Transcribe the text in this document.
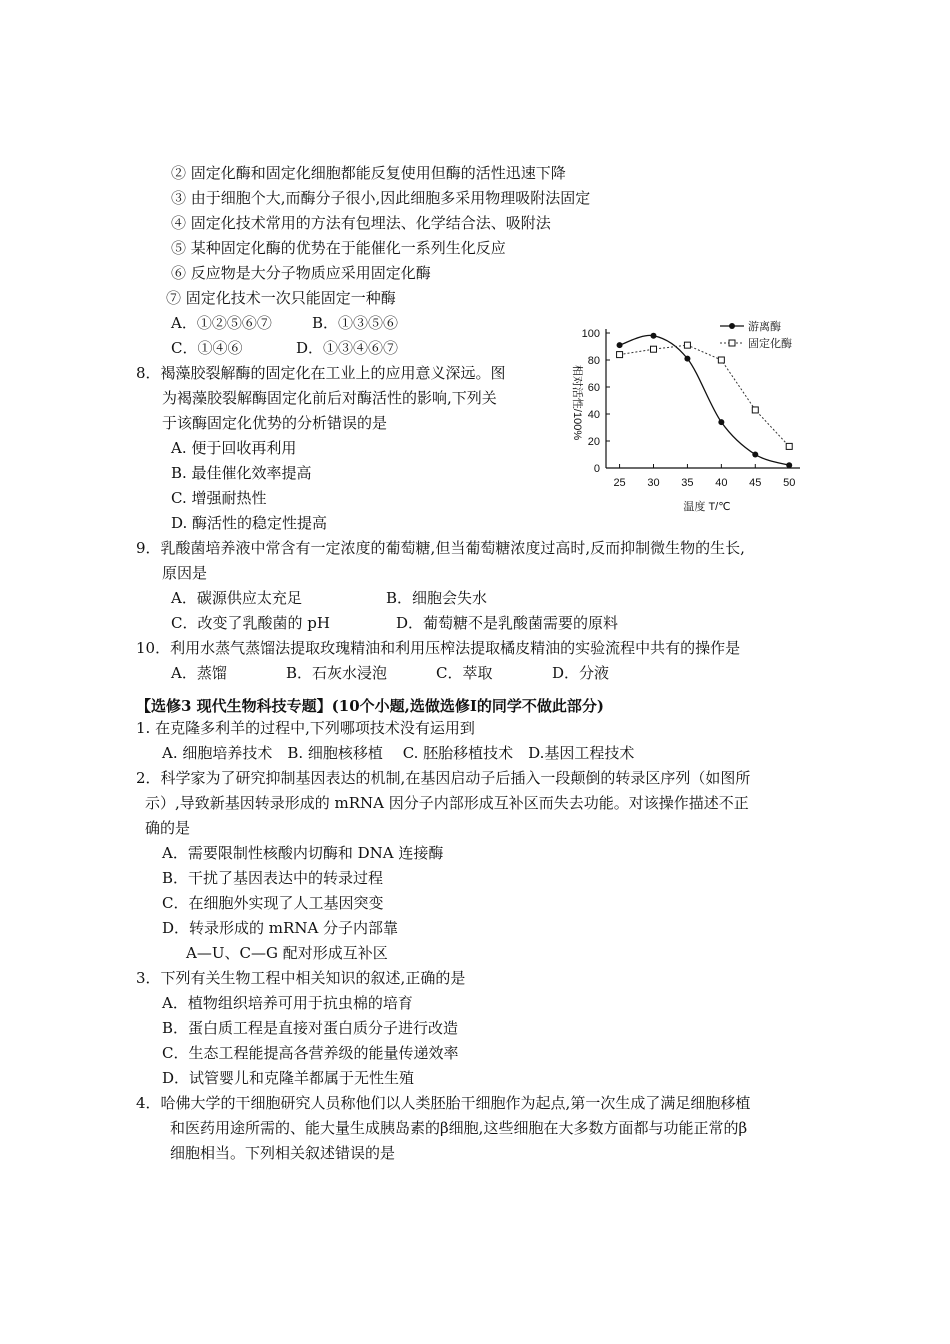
② 固定化酶和固定化细胞都能反复使用但酶的活性迅速下降
③ 由于细胞个大,而酶分子很小,因此细胞多采用物理吸附法固定
④ 固定化技术常用的方法有包埋法、化学结合法、吸附法
⑤ 某种固定化酶的优势在于能催化一系列生化反应
⑥ 反应物是大分子物质应采用固定化酶
⑦ 固定化技术一次只能固定一种酶
A．①②⑤⑥⑦	B．①③⑤⑥
C．①④⑥	D．①③④⑥⑦
8．褐藻胶裂解酶的固定化在工业上的应用意义深远。图
为褐藻胶裂解酶固定化前后对酶活性的影响,下列关
于该酶固定化优势的分析错误的是
A. 便于回收再利用
B. 最佳催化效率提高
C. 增强耐热性
D. 酶活性的稳定性提高
0
20
40
60
80
100
25 30 35 40 45 50
温度 T/℃
相对活性/100%
游离酶
固定化酶
9．乳酸菌培养液中常含有一定浓度的葡萄糖,但当葡萄糖浓度过高时,反而抑制微生物的生长,
原因是
A．碳源供应太充足	B．细胞会失水
C．改变了乳酸菌的 pH	D．葡萄糖不是乳酸菌需要的原料
10．利用水蒸气蒸馏法提取玫瑰精油和利用压榨法提取橘皮精油的实验流程中共有的操作是
A．蒸馏	B．石灰水浸泡	C．萃取	D．分液
【选修3 现代生物科技专题】(10个小题,选做选修Ⅰ的同学不做此部分)
1. 在克隆多利羊的过程中,下列哪项技术没有运用到
A. 细胞培养技术　B. 细胞核移植　 C. 胚胎移植技术　D.基因工程技术
2．科学家为了研究抑制基因表达的机制,在基因启动子后插入一段颠倒的转录区序列（如图所
示）,导致新基因转录形成的 mRNA 因分子内部形成互补区而失去功能。对该操作描述不正
确的是
A．需要限制性核酸内切酶和 DNA 连接酶
B．干扰了基因表达中的转录过程
C．在细胞外实现了人工基因突变
D．转录形成的 mRNA 分子内部靠
A—U、C—G 配对形成互补区
3．下列有关生物工程中相关知识的叙述,正确的是
A．植物组织培养可用于抗虫棉的培育
B．蛋白质工程是直接对蛋白质分子进行改造
C．生态工程能提高各营养级的能量传递效率
D．试管婴儿和克隆羊都属于无性生殖
4．哈佛大学的干细胞研究人员称他们以人类胚胎干细胞作为起点,第一次生成了满足细胞移植
和医药用途所需的、能大量生成胰岛素的β细胞,这些细胞在大多数方面都与功能正常的β
细胞相当。下列相关叙述错误的是
